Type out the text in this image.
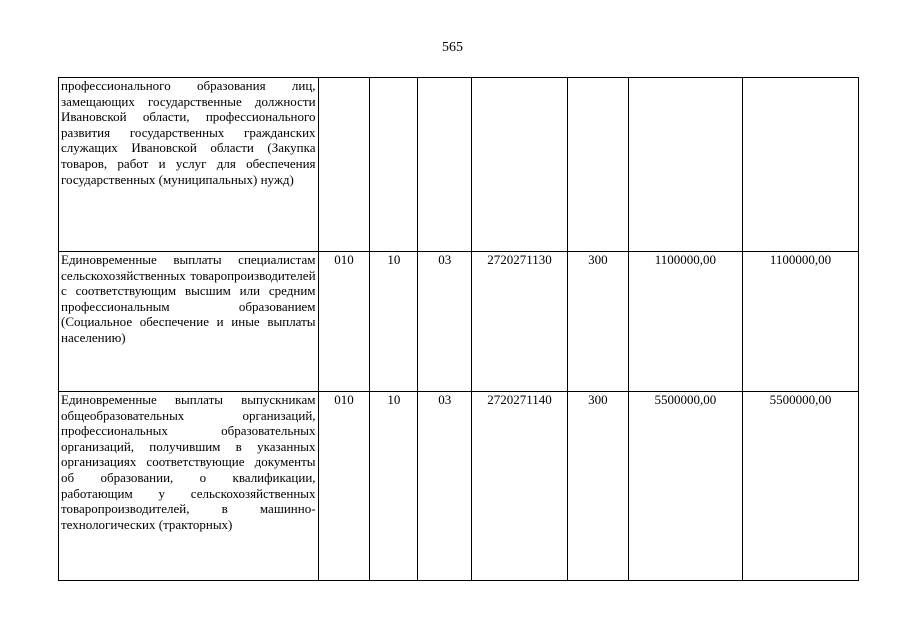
565
профессионального образования лиц, замещающих государственные должности Ивановской области, профессионального развития государственных гражданских служащих Ивановской области (Закупка товаров, работ и услуг для обеспечения государственных (муниципальных) нужд)							
Единовременные выплаты специалистам сельскохозяйственных товаропроизводителей с соответствующим высшим или средним профессиональным образованием (Социальное обеспечение и иные выплаты населению)	010	10	03	2720271130	300	1100000,00	1100000,00
Единовременные выплаты выпускникам общеобразовательных организаций, профессиональных образовательных организаций, получившим в указанных организациях соответствующие документы об образовании, о квалификации, работающим у сельскохозяйственных товаропроизводителей, в машинно-технологических (тракторных)	010	10	03	2720271140	300	5500000,00	5500000,00
